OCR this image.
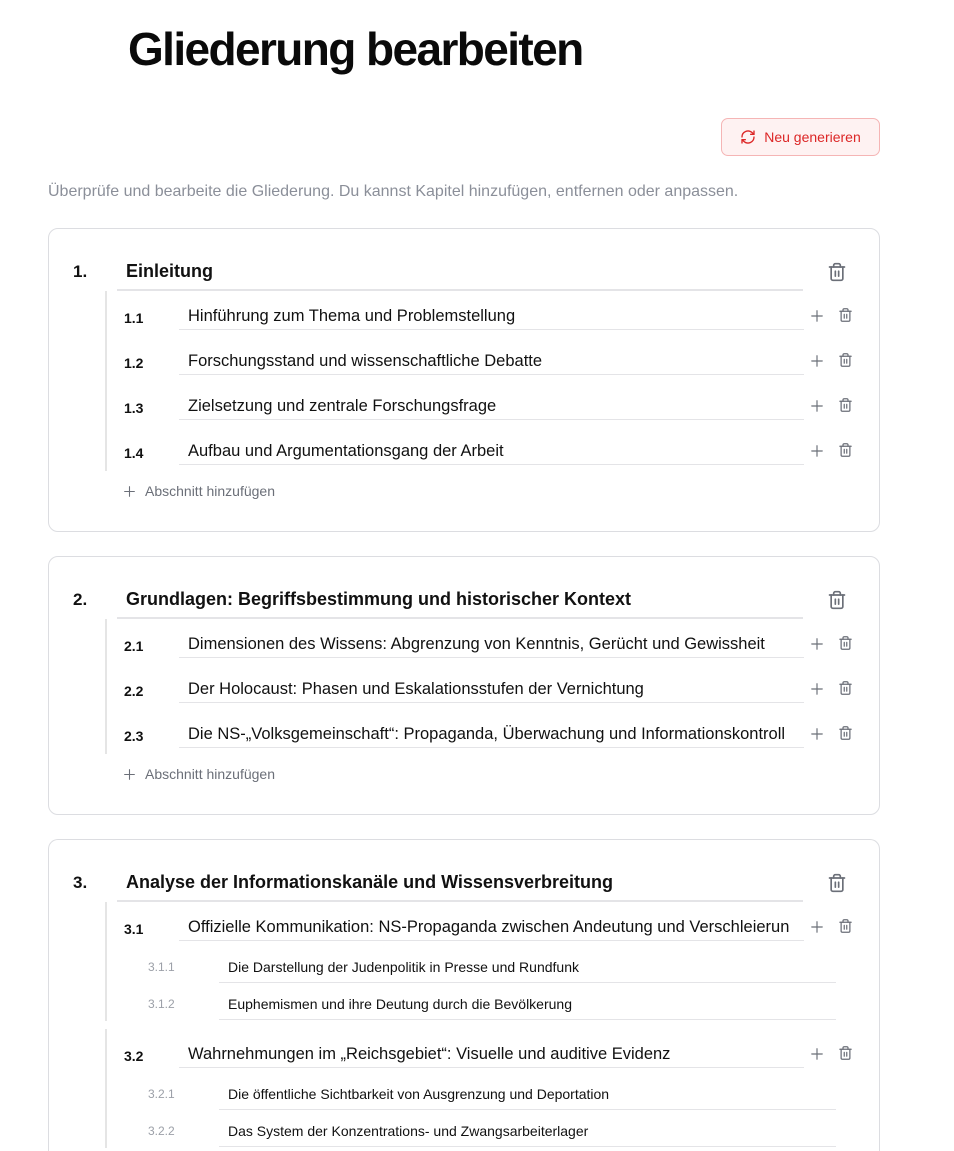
Gliederung bearbeiten
Neu generieren

Überprüfe und bearbeite die Gliederung. Du kannst Kapitel hinzufügen, entfernen oder anpassen.

1.	Einleitung
1.1	Hinführung zum Thema und Problemstellung
1.2	Forschungsstand und wissenschaftliche Debatte
1.3	Zielsetzung und zentrale Forschungsfrage
1.4	Aufbau und Argumentationsgang der Arbeit
Abschnitt hinzufügen
2.	Grundlagen: Begriffsbestimmung und historischer Kontext
2.1	Dimensionen des Wissens: Abgrenzung von Kenntnis, Gerücht und Gewissheit
2.2	Der Holocaust: Phasen und Eskalationsstufen der Vernichtung
2.3	Die NS-„Volksgemeinschaft“: Propaganda, Überwachung und Informationskontroll
Abschnitt hinzufügen
3.	Analyse der Informationskanäle und Wissensverbreitung
3.1	Offizielle Kommunikation: NS-Propaganda zwischen Andeutung und Verschleierun
3.1.1	Die Darstellung der Judenpolitik in Presse und Rundfunk
3.1.2	Euphemismen und ihre Deutung durch die Bevölkerung
3.2	Wahrnehmungen im „Reichsgebiet“: Visuelle und auditive Evidenz
3.2.1	Die öffentliche Sichtbarkeit von Ausgrenzung und Deportation
3.2.2	Das System der Konzentrations- und Zwangsarbeiterlager
